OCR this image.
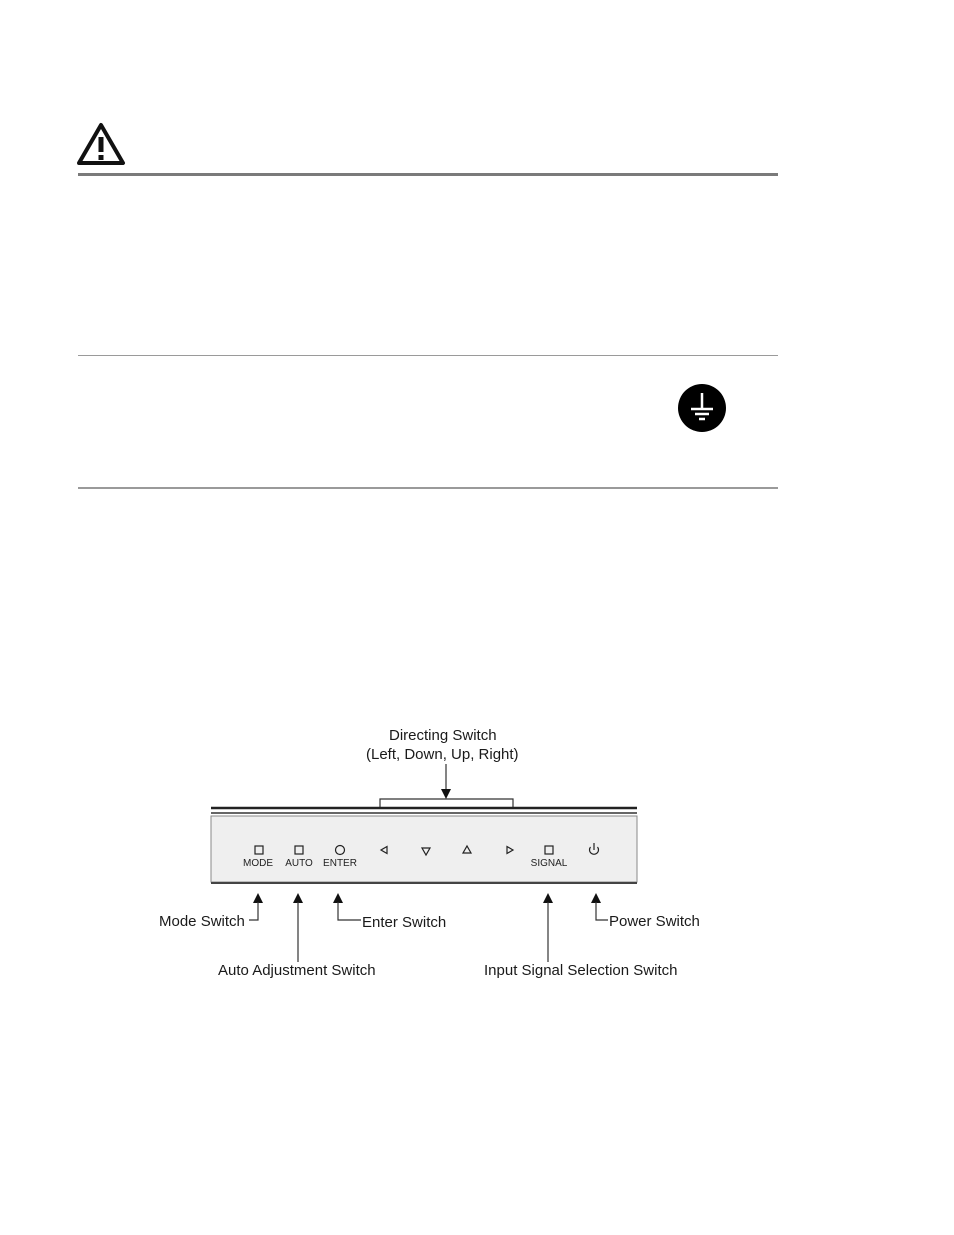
Directing Switch
(Left, Down, Up, Right)
MODE	AUTO	ENTER	SIGNAL
Mode Switch	Enter Switch	Power Switch
Auto Adjustment Switch	Input Signal Selection Switch
